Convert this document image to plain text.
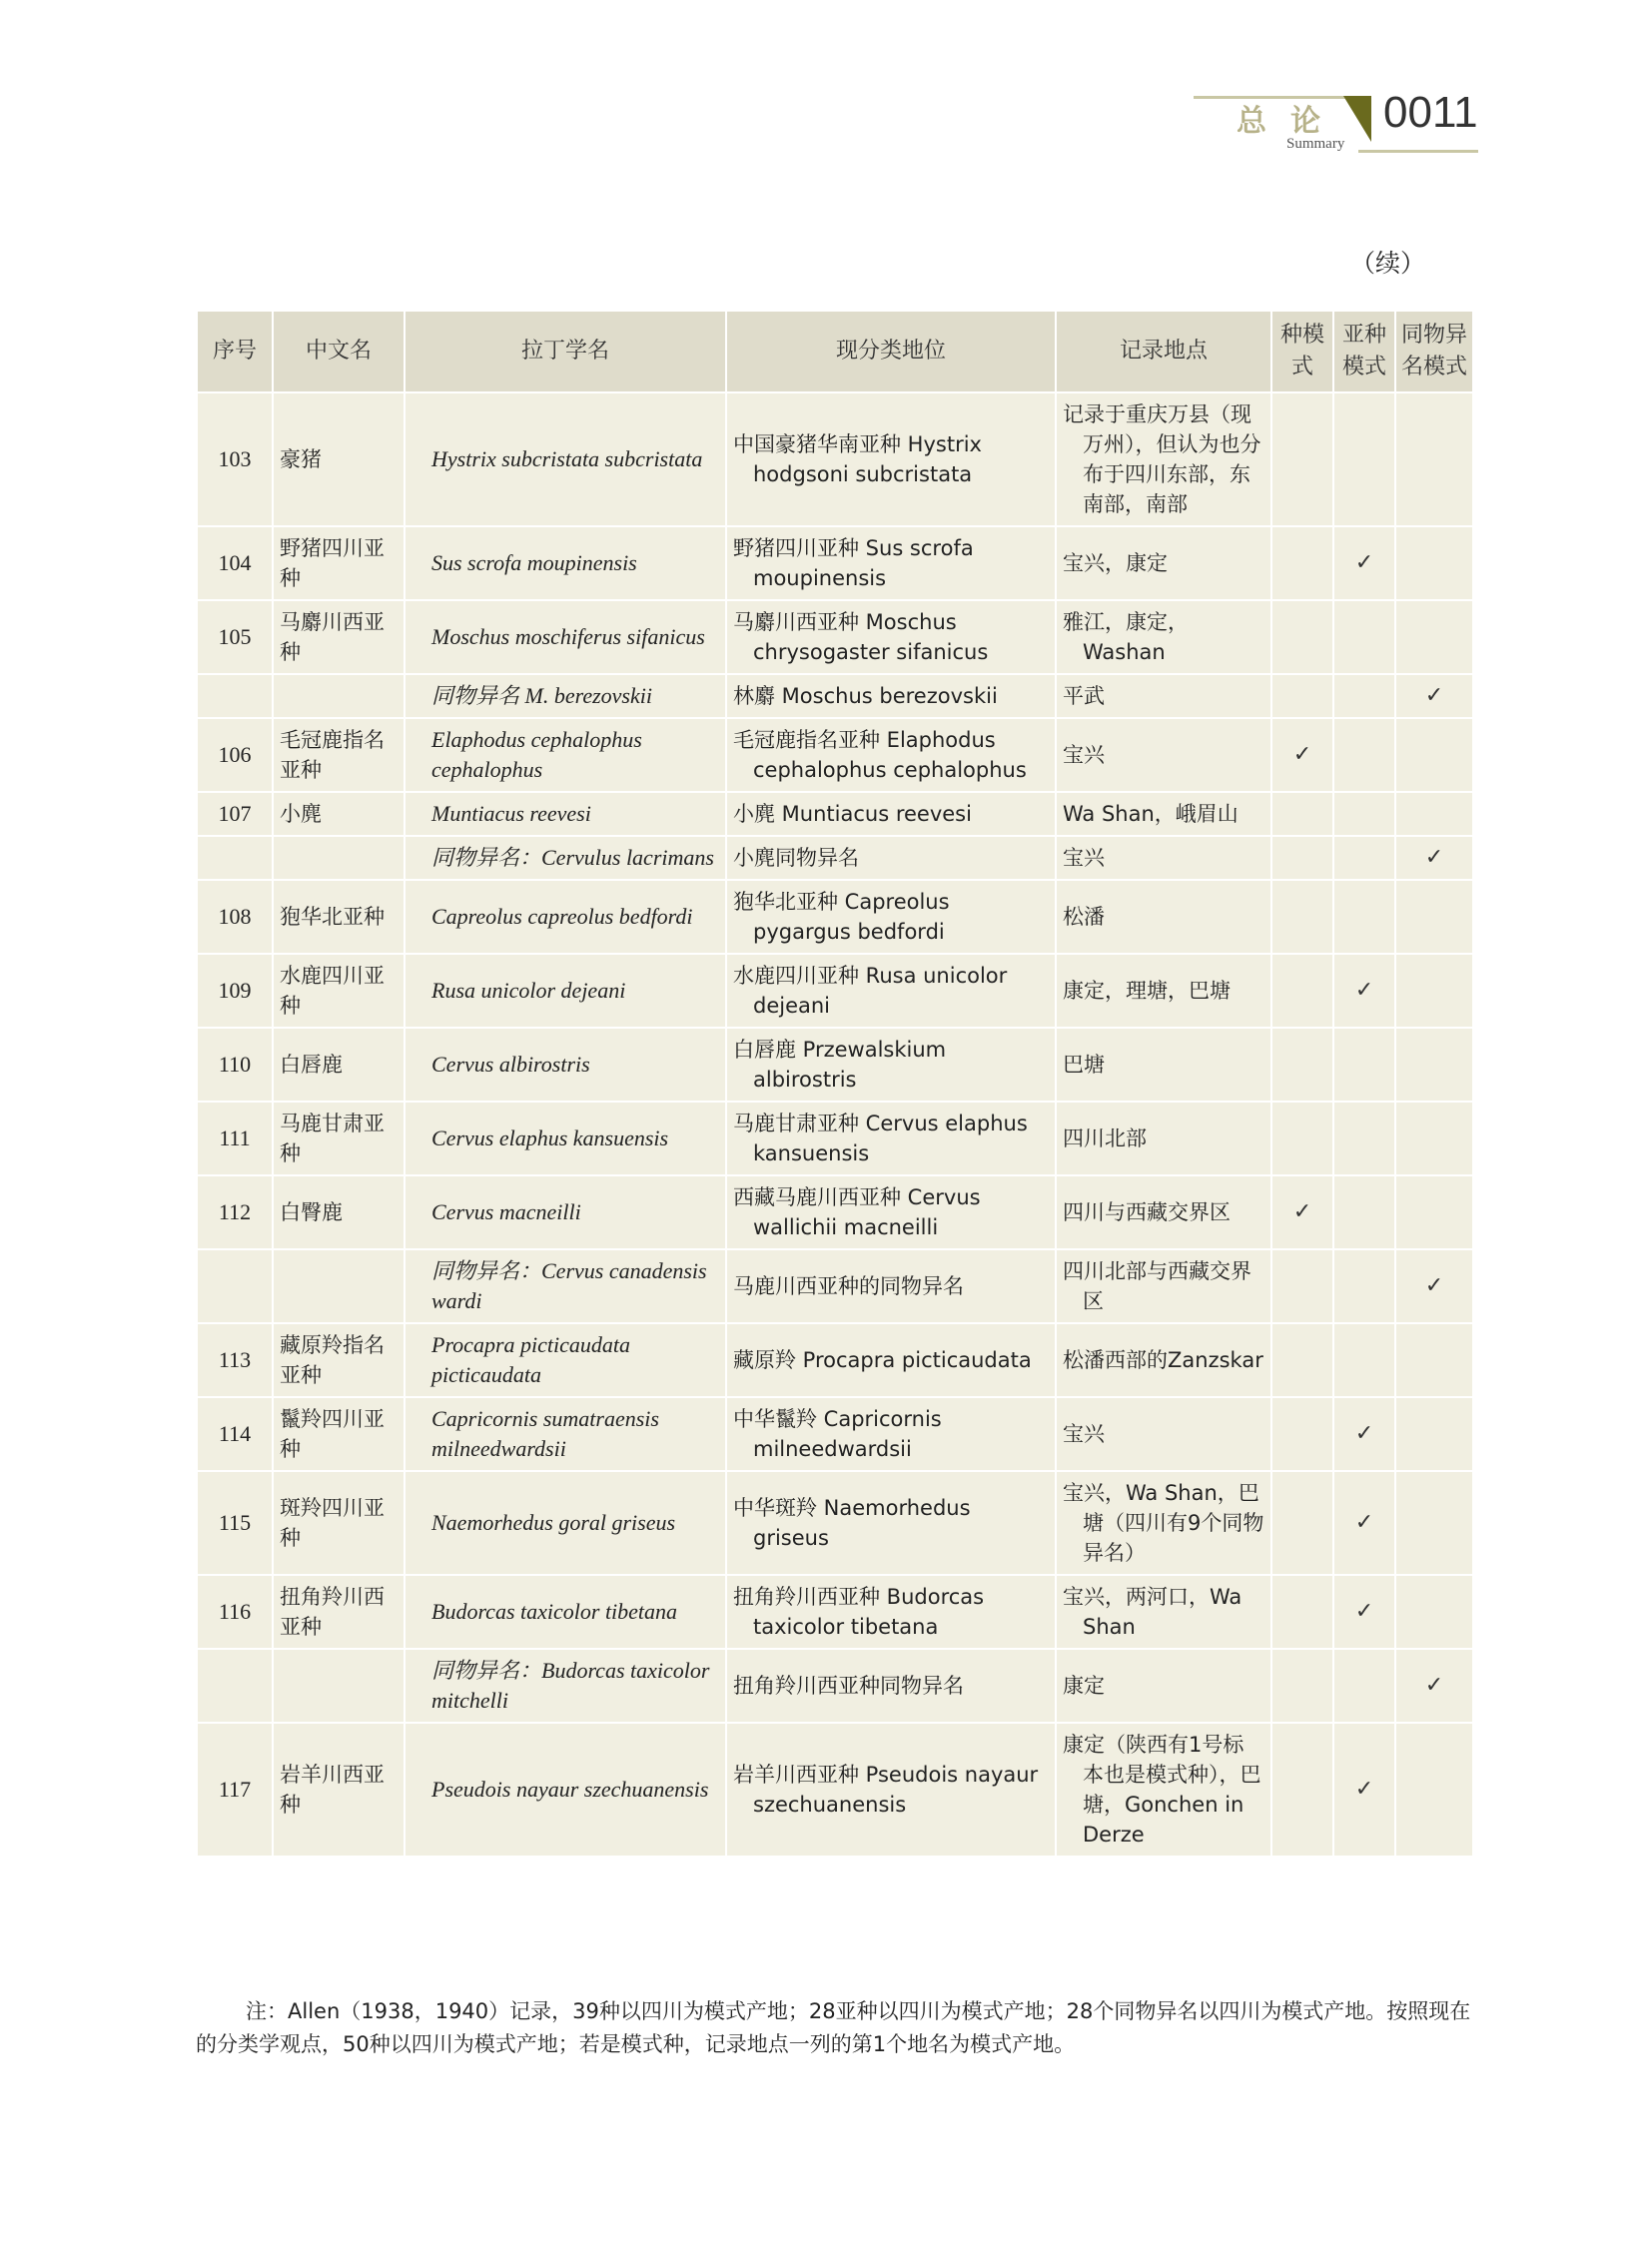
总论
Summary
0011
（续）
序号	中文名	拉丁学名	现分类地位	记录地点	种模式	亚种模式	同物异名模式
103	豪猪	Hystrix subcristata subcristata	中国豪猪华南亚种 Hystrix hodgsoni subcristata	记录于重庆万县（现万州），但认为也分布于四川东部，东南部，南部			
104	野猪四川亚种	Sus scrofa moupinensis	野猪四川亚种 Sus scrofa moupinensis	宝兴，康定		✓	
105	马麝川西亚种	Moschus moschiferus sifanicus	马麝川西亚种 Moschus chrysogaster sifanicus	雅江，康定，Washan			
		同物异名 M. berezovskii	林麝 Moschus berezovskii	平武			✓
106	毛冠鹿指名亚种	Elaphodus cephalophus cephalophus	毛冠鹿指名亚种 Elaphodus cephalophus cephalophus	宝兴	✓		
107	小麂	Muntiacus reevesi	小麂 Muntiacus reevesi	Wa Shan，峨眉山			
		同物异名：Cervulus lacrimans	小麂同物异名	宝兴			✓
108	狍华北亚种	Capreolus capreolus bedfordi	狍华北亚种 Capreolus pygargus bedfordi	松潘			
109	水鹿四川亚种	Rusa unicolor dejeani	水鹿四川亚种 Rusa unicolor dejeani	康定，理塘，巴塘		✓	
110	白唇鹿	Cervus albirostris	白唇鹿 Przewalskium albirostris	巴塘			
111	马鹿甘肃亚种	Cervus elaphus kansuensis	马鹿甘肃亚种 Cervus elaphus kansuensis	四川北部			
112	白臀鹿	Cervus macneilli	西藏马鹿川西亚种 Cervus wallichii macneilli	四川与西藏交界区	✓		
		同物异名：Cervus canadensis wardi	马鹿川西亚种的同物异名	四川北部与西藏交界区			✓
113	藏原羚指名亚种	Procapra picticaudata picticaudata	藏原羚 Procapra picticaudata	松潘西部的Zanzskar			
114	鬣羚四川亚种	Capricornis sumatraensis milneedwardsii	中华鬣羚 Capricornis milneedwardsii	宝兴		✓	
115	斑羚四川亚种	Naemorhedus goral griseus	中华斑羚 Naemorhedus griseus	宝兴，Wa Shan，巴塘（四川有9个同物异名）		✓	
116	扭角羚川西亚种	Budorcas taxicolor tibetana	扭角羚川西亚种 Budorcas taxicolor tibetana	宝兴，两河口，Wa Shan		✓	
		同物异名：Budorcas taxicolor mitchelli	扭角羚川西亚种同物异名	康定			✓
117	岩羊川西亚种	Pseudois nayaur szechuanensis	岩羊川西亚种 Pseudois nayaur szechuanensis	康定（陕西有1号标本也是模式种），巴塘，Gonchen in Derze		✓	
注：Allen（1938，1940）记录，39种以四川为模式产地；28亚种以四川为模式产地；28个同物异名以四川为模式产地。按照现在的分类学观点，50种以四川为模式产地；若是模式种，记录地点一列的第1个地名为模式产地。
